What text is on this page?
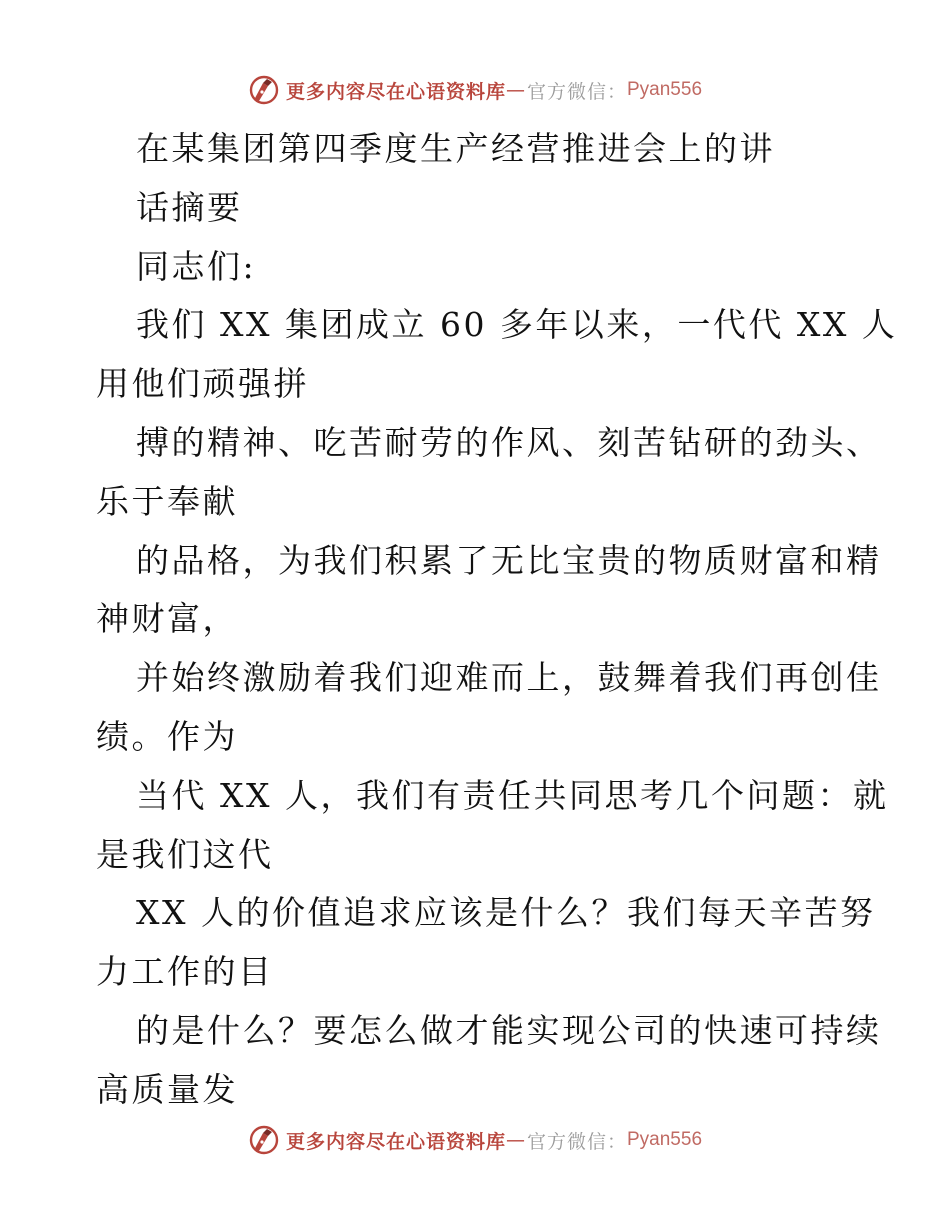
更多内容尽在心语资料库 — 官方微信： Pyan556
在某集团第四季度生产经营推进会上的讲
话摘要
同志们:
我们 XX 集团成立 60 多年以来，一代代 XX 人
用他们顽强拼
搏的精神、吃苦耐劳的作风、刻苦钻研的劲头、
乐于奉献
的品格，为我们积累了无比宝贵的物质财富和精
神财富，
并始终激励着我们迎难而上，鼓舞着我们再创佳
绩。作为
当代 XX 人，我们有责任共同思考几个问题：就
是我们这代
XX 人的价值追求应该是什么？我们每天辛苦努
力工作的目
的是什么？要怎么做才能实现公司的快速可持续
高质量发
更多内容尽在心语资料库 — 官方微信： Pyan556
